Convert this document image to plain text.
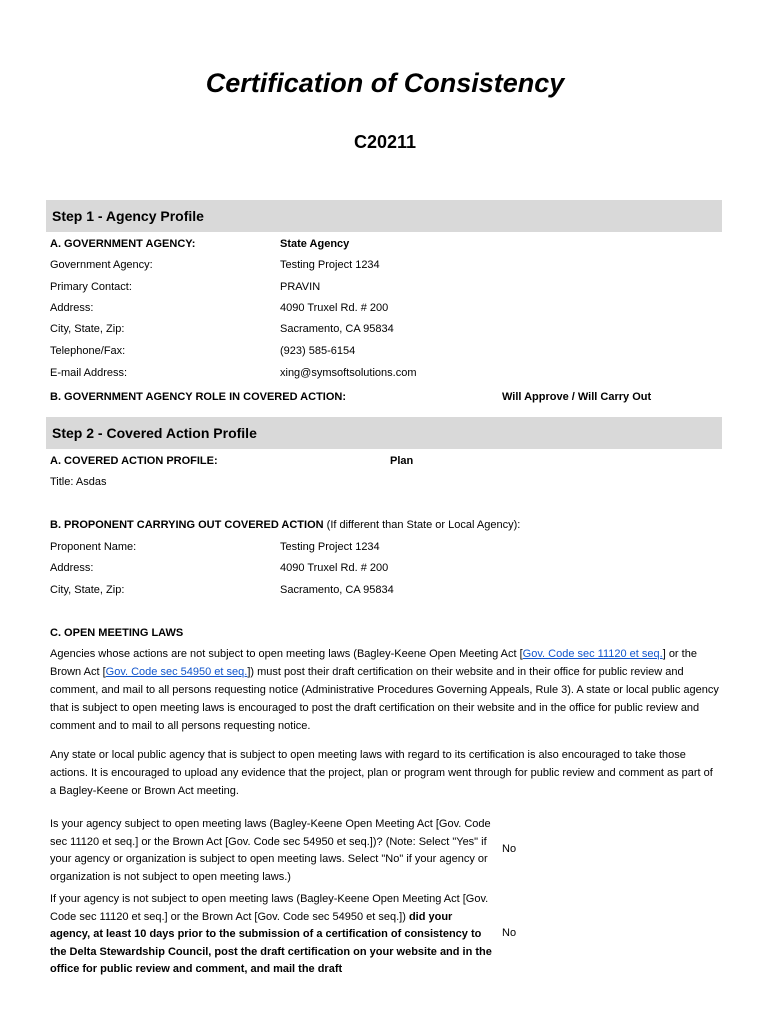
Certification of Consistency
C20211
Step 1 - Agency Profile
A. GOVERNMENT AGENCY:	State Agency
Government Agency:	Testing Project 1234
Primary Contact:	PRAVIN
Address:	4090 Truxel Rd. # 200
City, State, Zip:	Sacramento, CA 95834
Telephone/Fax:	(923) 585-6154
E-mail Address:	xing@symsoftsolutions.com
B. GOVERNMENT AGENCY ROLE IN COVERED ACTION:	Will Approve / Will Carry Out
Step 2 - Covered Action Profile
A. COVERED ACTION PROFILE:	Plan
Title: Asdas
B. PROPONENT CARRYING OUT COVERED ACTION (If different than State or Local Agency):
Proponent Name:	Testing Project 1234
Address:	4090 Truxel Rd. # 200
City, State, Zip:	Sacramento, CA 95834
C. OPEN MEETING LAWS

Agencies whose actions are not subject to open meeting laws (Bagley-Keene Open Meeting Act [Gov. Code sec 11120 et seq.] or the Brown Act [Gov. Code sec 54950 et seq.]) must post their draft certification on their website and in their office for public review and comment, and mail to all persons requesting notice (Administrative Procedures Governing Appeals, Rule 3). A state or local public agency that is subject to open meeting laws is encouraged to post the draft certification on their website and in the office for public review and comment and to mail to all persons requesting notice.

Any state or local public agency that is subject to open meeting laws with regard to its certification is also encouraged to take those actions. It is encouraged to upload any evidence that the project, plan or program went through for public review and comment as part of a Bagley-Keene or Brown Act meeting.

Is your agency subject to open meeting laws (Bagley-Keene Open Meeting Act [Gov. Code sec 11120 et seq.] or the Brown Act [Gov. Code sec 54950 et seq.])? (Note: Select "Yes" if your agency or organization is subject to open meeting laws. Select "No" if your agency or organization is not subject to open meeting laws.)

No

If your agency is not subject to open meeting laws (Bagley-Keene Open Meeting Act [Gov. Code sec 11120 et seq.] or the Brown Act [Gov. Code sec 54950 et seq.]) did your agency, at least 10 days prior to the submission of a certification of consistency to the Delta Stewardship Council, post the draft certification on your website and in the office for public review and comment, and mail the draft

No
